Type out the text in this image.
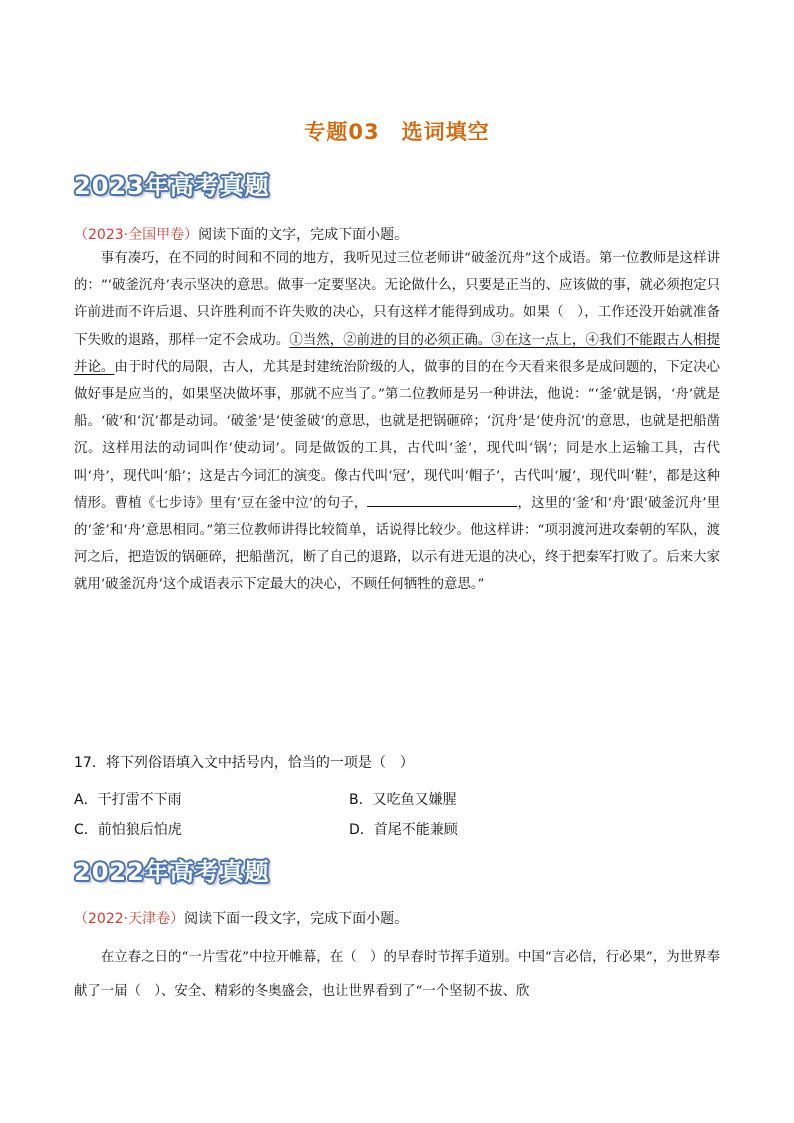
专题03　选词填空
2023年高考真题

（2023·全国甲卷）阅读下面的文字，完成下面小题。

事有凑巧，在不同的时间和不同的地方，我听见过三位老师讲“破釜沉舟”这个成语。第一位教师是这样讲的：“‘破釜沉舟’表示坚决的意思。做事一定要坚决。无论做什么，只要是正当的、应该做的事，就必须抱定只许前进而不许后退、只许胜利而不许失败的决心，只有这样才能得到成功。如果（　），工作还没开始就准备下失败的退路，那样一定不会成功。①当然，②前进的目的必须正确。③在这一点上，④我们不能跟古人相提并论。由于时代的局限，古人，尤其是封建统治阶级的人，做事的目的在今天看来很多是成问题的，下定决心做好事是应当的，如果坚决做坏事，那就不应当了。”第二位教师是另一种讲法，他说：“‘釜’就是锅，‘舟’就是船。‘破’和‘沉’都是动词。‘破釜’是‘使釜破’的意思，也就是把锅砸碎；‘沉舟’是‘使舟沉’的意思，也就是把船凿沉。这样用法的动词叫作‘使动词’。同是做饭的工具，古代叫‘釜’，现代叫‘锅’；同是水上运输工具，古代叫‘舟’，现代叫‘船’；这是古今词汇的演变。像古代叫‘冠’，现代叫‘帽子’，古代叫‘履’，现代叫‘鞋’，都是这种情形。曹植《七步诗》里有‘豆在釜中泣’的句子，	，这里的‘釜’和‘舟’跟‘破釜沉舟’里的‘釜’和‘舟’意思相同。”第三位教师讲得比较简单，话说得比较少。他这样讲：“项羽渡河进攻秦朝的军队，渡河之后，把造饭的锅砸碎，把船凿沉，断了自己的退路，以示有进无退的决心，终于把秦军打败了。后来大家就用‘破釜沉舟’这个成语表示下定最大的决心，不顾任何牺牲的意思。”

17．将下列俗语填入文中括号内，恰当的一项是（　）

A．干打雷不下雨	B．又吃鱼又嫌腥

C．前怕狼后怕虎	D．首尾不能兼顾

2022年高考真题

（2022·天津卷）阅读下面一段文字，完成下面小题。

在立春之日的“一片雪花”中拉开帷幕，在（　）的早春时节挥手道别。中国“言必信，行必果”，为世界奉献了一届（　）、安全、精彩的冬奥盛会，也让世界看到了“一个坚韧不拔、欣
